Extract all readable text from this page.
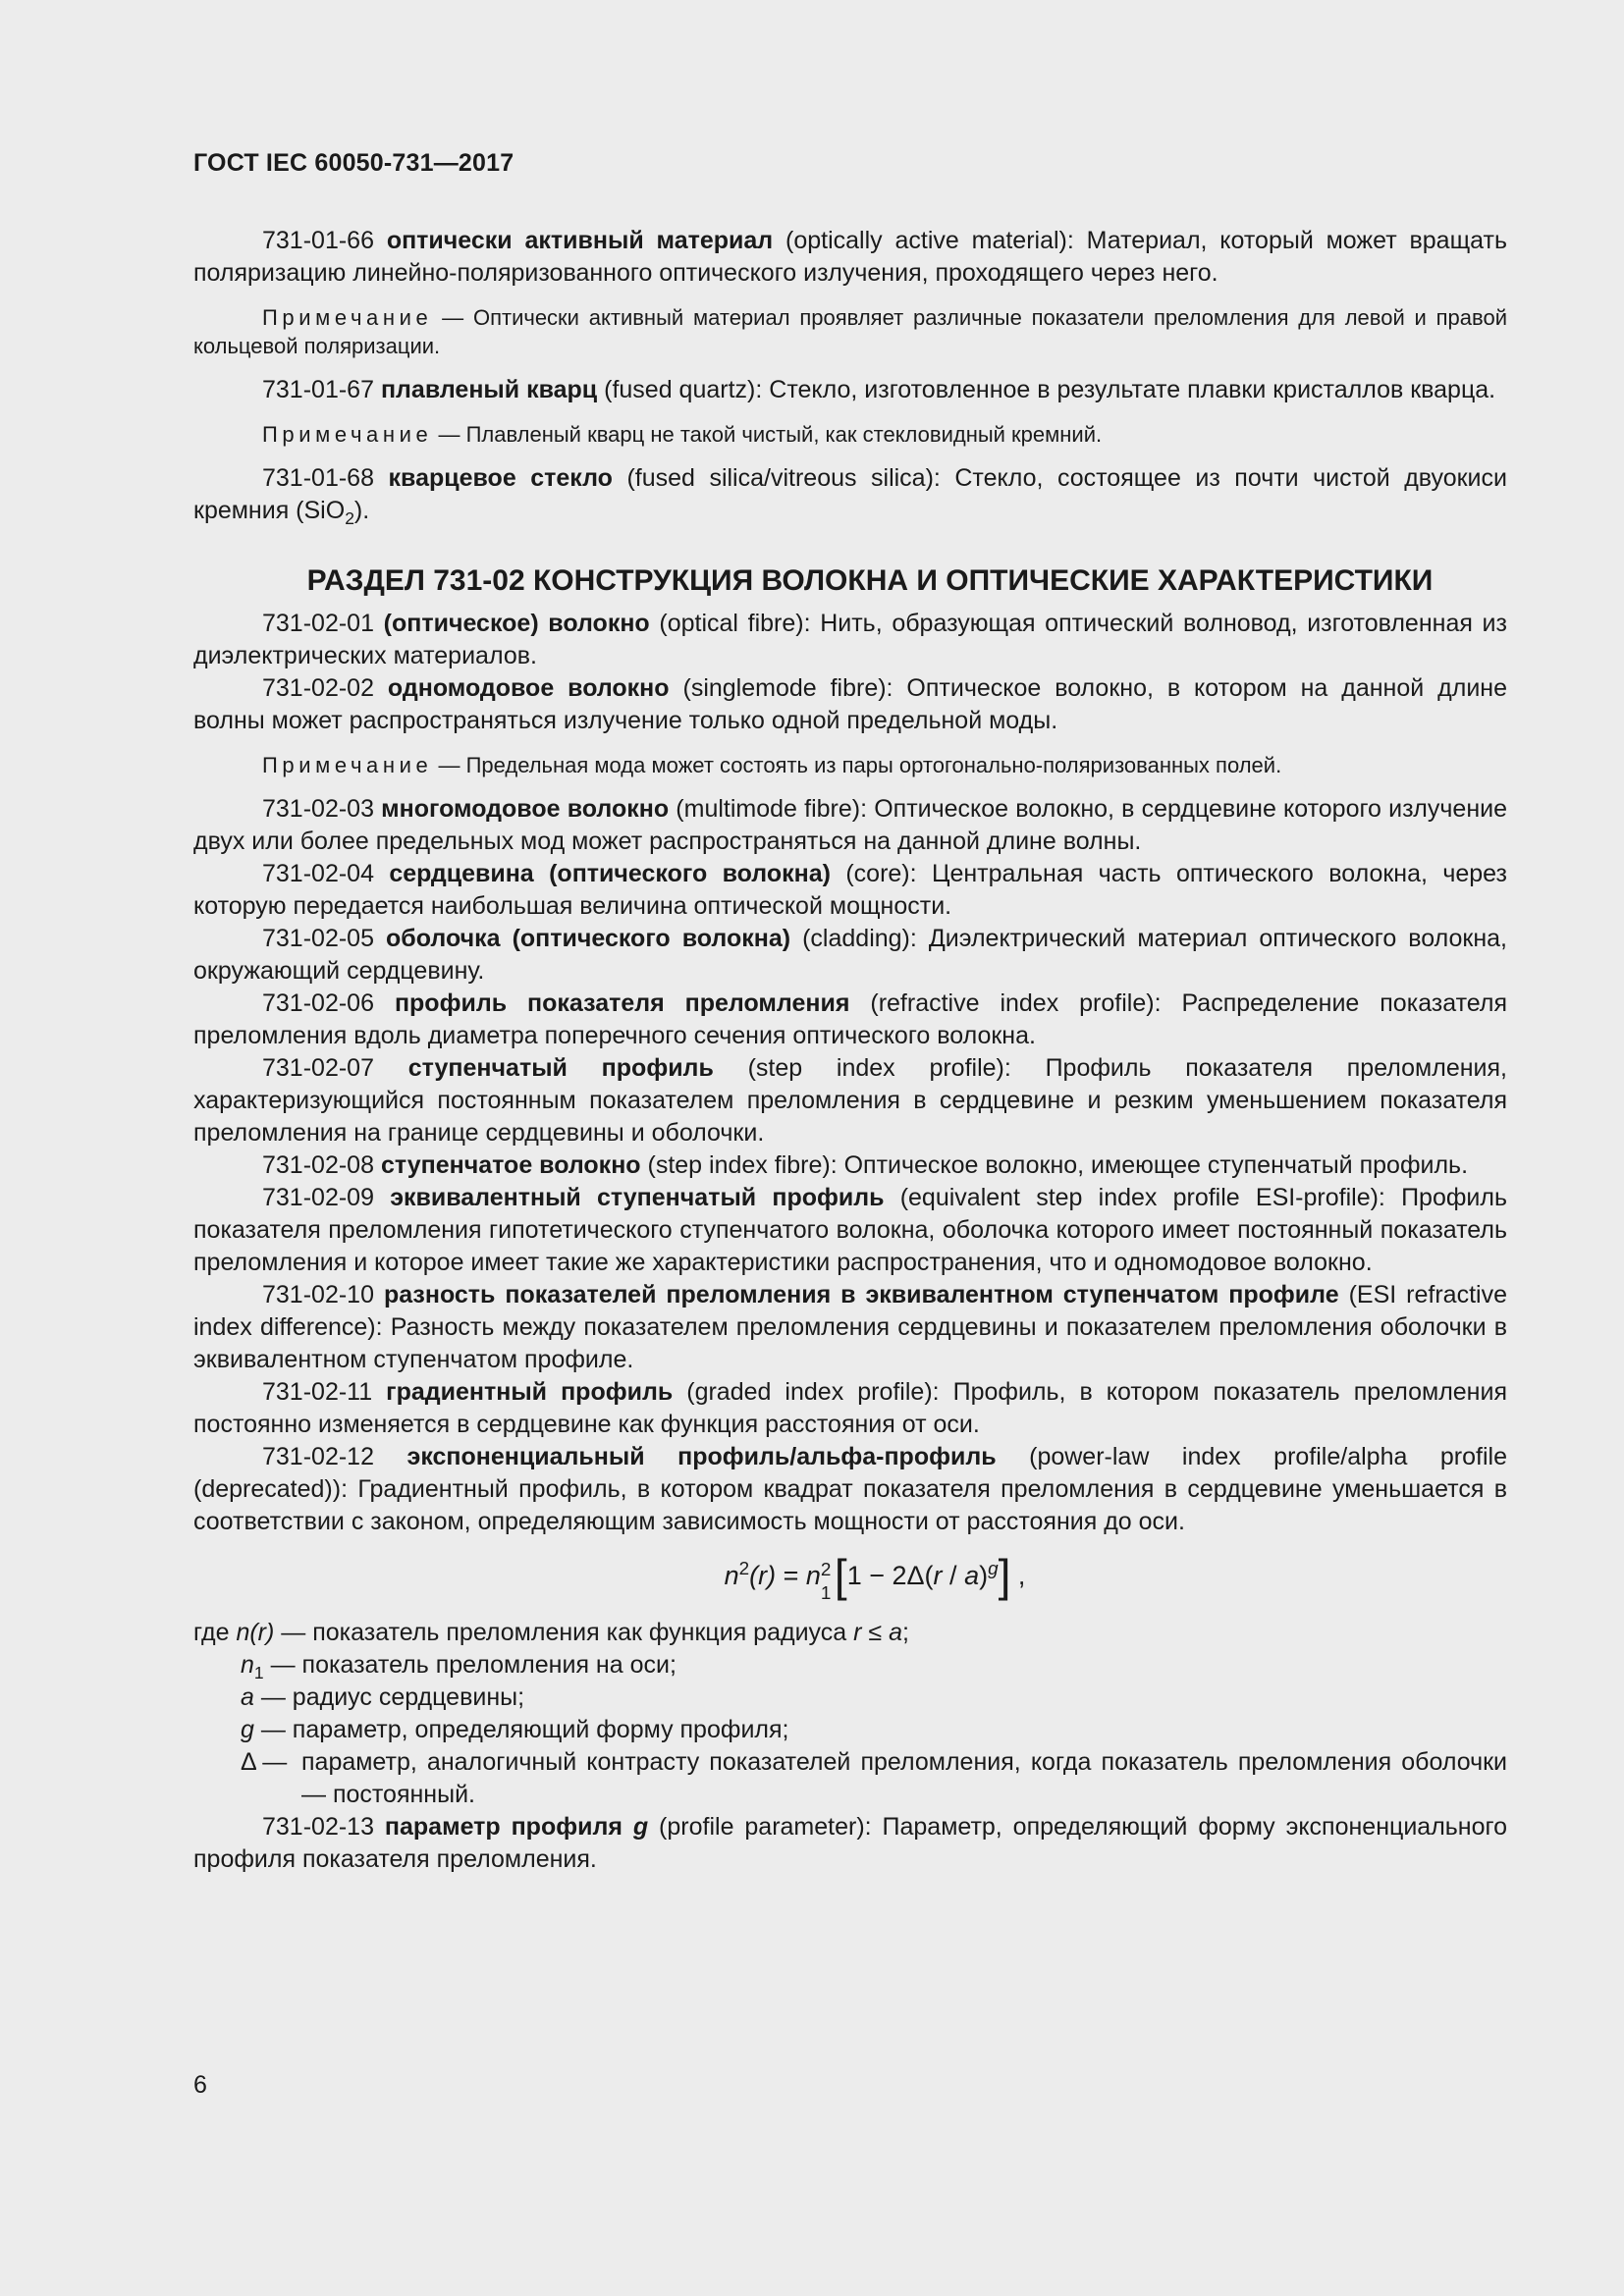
ГОСТ IEC 60050-731—2017

731-01-66 оптически активный материал (optically active material): Материал, который может вращать поляризацию линейно-поляризованного оптического излучения, проходящего через него.

Примечание — Оптически активный материал проявляет различные показатели преломления для левой и правой кольцевой поляризации.

731-01-67 плавленый кварц (fused quartz): Стекло, изготовленное в результате плавки кристаллов кварца.

Примечание — Плавленый кварц не такой чистый, как стекловидный кремний.

731-01-68 кварцевое стекло (fused silica/vitreous silica): Стекло, состоящее из почти чистой двуокиси кремния (SiO$_2$).

РАЗДЕЛ 731-02 КОНСТРУКЦИЯ ВОЛОКНА И ОПТИЧЕСКИЕ ХАРАКТЕРИСТИКИ

731-02-01 (оптическое) волокно (optical fibre): Нить, образующая оптический волновод, изготовленная из диэлектрических материалов.

731-02-02 одномодовое волокно (singlemode fibre): Оптическое волокно, в котором на данной длине волны может распространяться излучение только одной предельной моды.

Примечание — Предельная мода может состоять из пары ортогонально-поляризованных полей.

731-02-03 многомодовое волокно (multimode fibre): Оптическое волокно, в сердцевине которого излучение двух или более предельных мод может распространяться на данной длине волны.

731-02-04 сердцевина (оптического волокна) (core): Центральная часть оптического волокна, через которую передается наибольшая величина оптической мощности.

731-02-05 оболочка (оптического волокна) (cladding): Диэлектрический материал оптического волокна, окружающий сердцевину.

731-02-06 профиль показателя преломления (refractive index profile): Распределение показателя преломления вдоль диаметра поперечного сечения оптического волокна.

731-02-07 ступенчатый профиль (step index profile): Профиль показателя преломления, характеризующийся постоянным показателем преломления в сердцевине и резким уменьшением показателя преломления на границе сердцевины и оболочки.

731-02-08 ступенчатое волокно (step index fibre): Оптическое волокно, имеющее ступенчатый профиль.

731-02-09 эквивалентный ступенчатый профиль (equivalent step index profile ESI-profile): Профиль показателя преломления гипотетического ступенчатого волокна, оболочка которого имеет постоянный показатель преломления и которое имеет такие же характеристики распространения, что и одномодовое волокно.

731-02-10 разность показателей преломления в эквивалентном ступенчатом профиле (ESI refractive index difference): Разность между показателем преломления сердцевины и показателем преломления оболочки в эквивалентном ступенчатом профиле.

731-02-11 градиентный профиль (graded index profile): Профиль, в котором показатель преломления постоянно изменяется в сердцевине как функция расстояния от оси.

731-02-12 экспоненциальный профиль/альфа-профиль (power-law index profile/alpha profile (deprecated)): Градиентный профиль, в котором квадрат показателя преломления в сердцевине уменьшается в соответствии с законом, определяющим зависимость мощности от расстояния до оси.

$n^2(r) = n$ 2
1 [1 − 2Δ(r / a)$^g$] ,

где n(r) — показатель преломления как функция радиуса r ≤ a;

$n_1$ — показатель преломления на оси;

a — радиус сердцевины;

g — параметр, определяющий форму профиля;

Δ — параметр, аналогичный контрасту показателей преломления, когда показатель преломления оболочки — постоянный.

731-02-13 параметр профиля g (profile parameter): Параметр, определяющий форму экспоненциального профиля показателя преломления.

6
